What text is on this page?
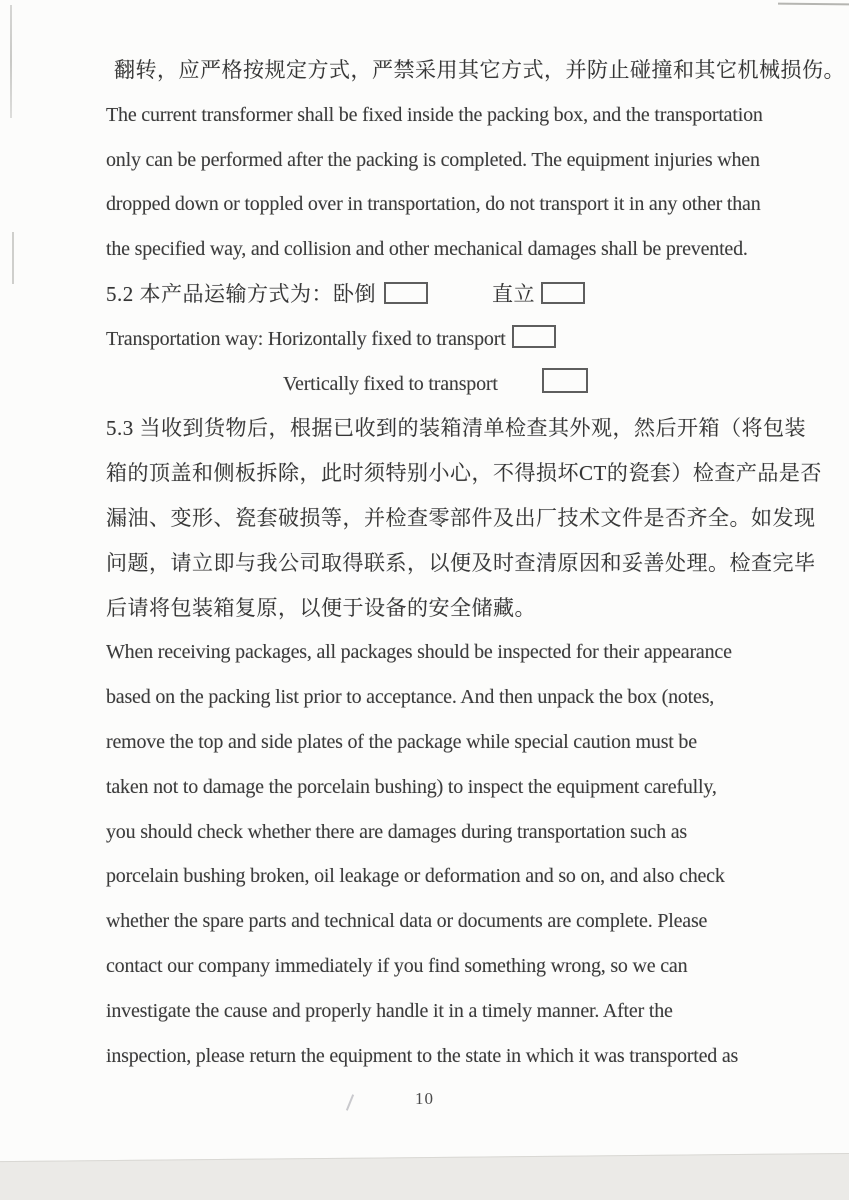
翻转，应严格按规定方式，严禁采用其它方式，并防止碰撞和其它机械损伤。
The current transformer shall be fixed inside the packing box, and the transportation
only can be performed after the packing is completed. The equipment injuries when
dropped down or toppled over in transportation, do not transport it in any other than
the specified way, and collision and other mechanical damages shall be prevented.
5.2 本产品运输方式为：卧倒	直立
Transportation way: Horizontally fixed to transport
Vertically fixed to transport
5.3 当收到货物后，根据已收到的装箱清单检查其外观，然后开箱（将包装
箱的顶盖和侧板拆除，此时须特别小心，不得损坏CT的瓷套）检查产品是否
漏油、变形、瓷套破损等，并检查零部件及出厂技术文件是否齐全。如发现
问题，请立即与我公司取得联系，以便及时查清原因和妥善处理。检查完毕
后请将包装箱复原，以便于设备的安全储藏。
When receiving packages, all packages should be inspected for their appearance
based on the packing list prior to acceptance. And then unpack the box (notes,
remove the top and side plates of the package while special caution must be
taken not to damage the porcelain bushing) to inspect the equipment carefully,
you should check whether there are damages during transportation such as
porcelain bushing broken, oil leakage or deformation and so on, and also check
whether the spare parts and technical data or documents are complete. Please
contact our company immediately if you find something wrong, so we can
investigate the cause and properly handle it in a timely manner. After the
inspection, please return the equipment to the state in which it was transported as
10
